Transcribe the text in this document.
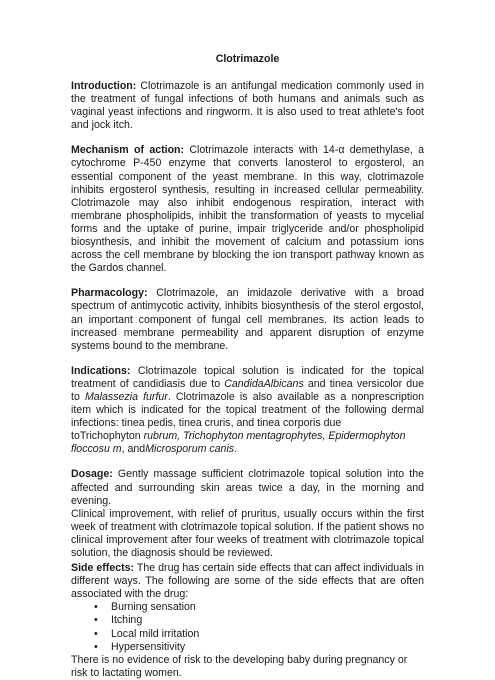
Clotrimazole

Introduction: Clotrimazole is an antifungal medication commonly used in the treatment of fungal infections of both humans and animals such as vaginal yeast infections and ringworm. It is also used to treat athlete's foot and jock itch.

Mechanism of action: Clotrimazole interacts with 14-α demethylase, a cytochrome P-450 enzyme that converts lanosterol to ergosterol, an essential component of the yeast membrane. In this way, clotrimazole inhibits ergosterol synthesis, resulting in increased cellular permeability. Clotrimazole may also inhibit endogenous respiration, interact with membrane phospholipids, inhibit the transformation of yeasts to mycelial forms and the uptake of purine, impair triglyceride and/or phospholipid biosynthesis, and inhibit the movement of calcium and potassium ions across the cell membrane by blocking the ion transport pathway known as the Gardos channel.

Pharmacology: Clotrimazole, an imidazole derivative with a broad spectrum of antimycotic activity, inhibits biosynthesis of the sterol ergostol, an important component of fungal cell membranes. Its action leads to increased membrane permeability and apparent disruption of enzyme systems bound to the membrane.

Indications: Clotrimazole topical solution is indicated for the topical treatment of candidiasis due to CandidaAlbicans and tinea versicolor due to Malassezia furfur. Clotrimazole is also available as a nonprescription item which is indicated for the topical treatment of the following dermal infections: tinea pedis, tinea cruris, and tinea corporis due

toTrichophyton rubrum, Trichophyton mentagrophytes, Epidermophyton floccosu m, andMicrosporum canis.

Dosage: Gently massage sufficient clotrimazole topical solution into the affected and surrounding skin areas twice a day, in the morning and evening.

Clinical improvement, with relief of pruritus, usually occurs within the first week of treatment with clotrimazole topical solution. If the patient shows no clinical improvement after four weeks of treatment with clotrimazole topical solution, the diagnosis should be reviewed.

Side effects: The drug has certain side effects that can affect individuals in different ways. The following are some of the side effects that are often associated with the drug:

• Burning sensation
• Itching
• Local mild irritation
• Hypersensitivity

There is no evidence of risk to the developing baby during pregnancy or risk to lactating women.
